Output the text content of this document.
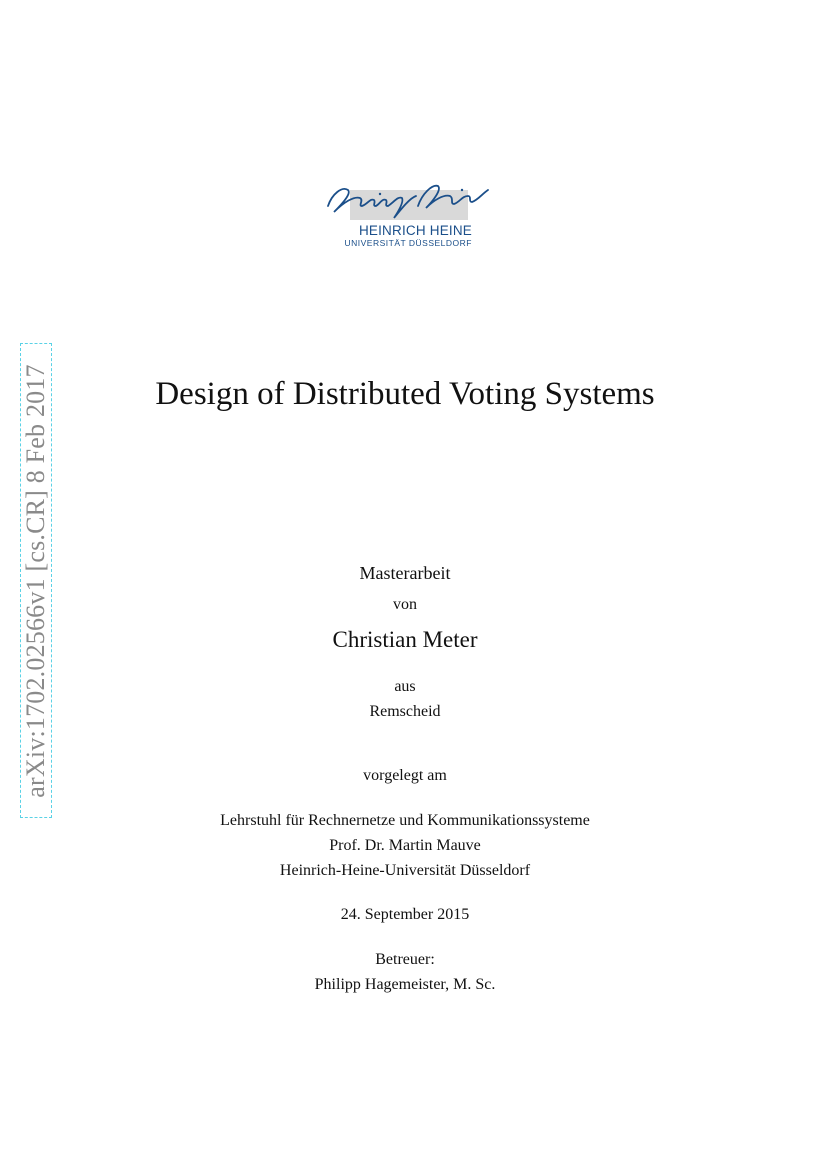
HEINRICH HEINE
UNIVERSITÄT DÜSSELDORF
arXiv:1702.02566v1 [cs.CR] 8 Feb 2017	Design of Distributed Voting Systems
Masterarbeit
von
Christian Meter
aus
Remscheid
vorgelegt am
Lehrstuhl für Rechnernetze und Kommunikationssysteme
Prof. Dr. Martin Mauve
Heinrich-Heine-Universität Düsseldorf
24. September 2015
Betreuer:
Philipp Hagemeister, M. Sc.
